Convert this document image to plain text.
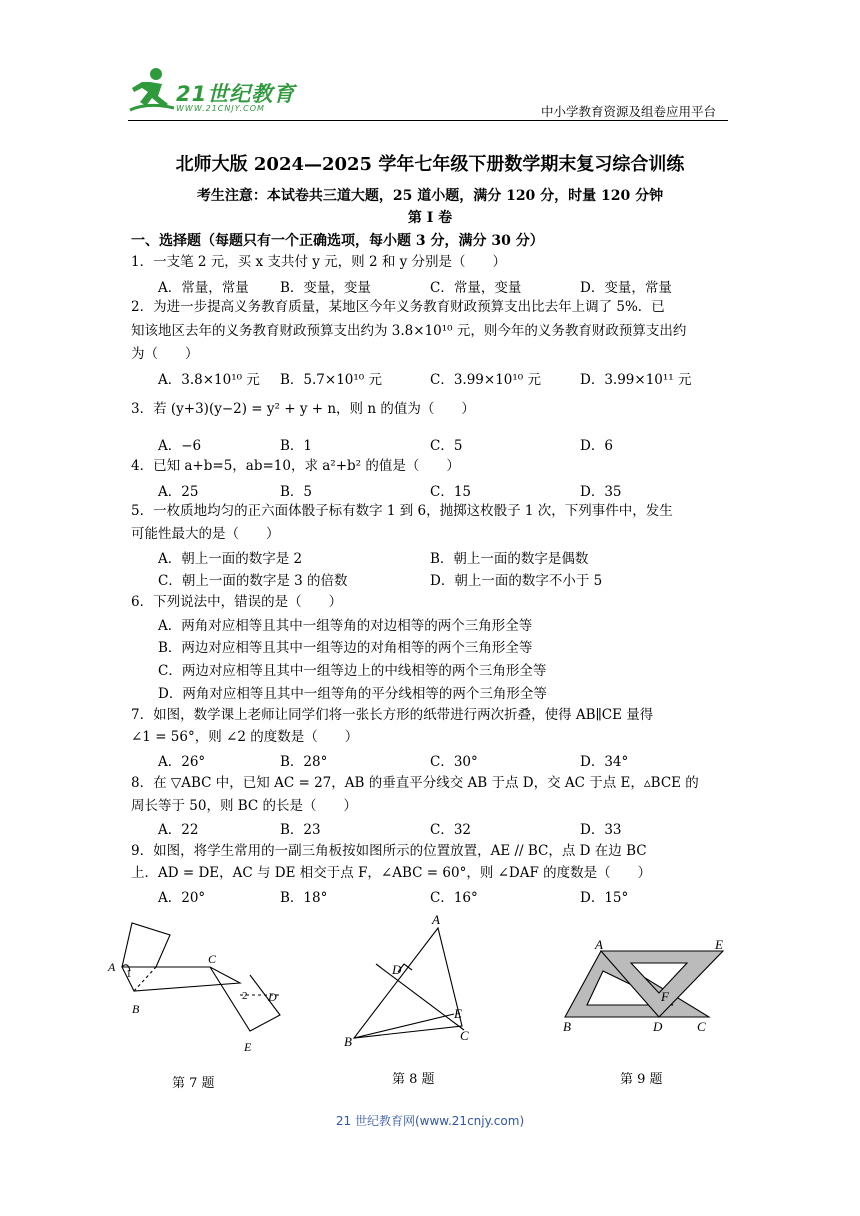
21世纪教育
WWW.21CNJY.COM	中小学教育资源及组卷应用平台
北师大版 2024—2025 学年七年级下册数学期末复习综合训练
考生注意：本试卷共三道大题，25 道小题，满分 120 分，时量 120 分钟
第 I 卷
一、选择题（每题只有一个正确选项，每小题 3 分，满分 30 分）
1．一支笔 2 元，买 x 支共付 y 元，则 2 和 y 分别是（　　）
A．常量，常量 B．变量，变量	C．常量，变量	D．变量，常量
2．为进一步提高义务教育质量，某地区今年义务教育财政预算支出比去年上调了 5%．已
知该地区去年的义务教育财政预算支出约为 3.8×10¹⁰ 元，则今年的义务教育财政预算支出约
为（　　）
A．3.8×10¹⁰ 元 B．5.7×10¹⁰ 元	C．3.99×10¹⁰ 元	D．3.99×10¹¹ 元
3．若 (y+3)(y−2) = y² + y + n，则 n 的值为（　　）
A．−6	B．1	C．5	D．6
4．已知 a+b=5，ab=10，求 a²+b² 的值是（　　）
A．25	B．5	C．15	D．35
5．一枚质地均匀的正六面体骰子标有数字 1 到 6，抛掷这枚骰子 1 次，下列事件中，发生
可能性最大的是（　　）
A．朝上一面的数字是 2	B．朝上一面的数字是偶数
C．朝上一面的数字是 3 的倍数	D．朝上一面的数字不小于 5
6．下列说法中，错误的是（　　）
A．两角对应相等且其中一组等角的对边相等的两个三角形全等
B．两边对应相等且其中一组等边的对角相等的两个三角形全等
C．两边对应相等且其中一组等边上的中线相等的两个三角形全等
D．两角对应相等且其中一组等角的平分线相等的两个三角形全等
7．如图，数学课上老师让同学们将一张长方形的纸带进行两次折叠，使得 AB∥CE 量得
∠1 = 56°，则 ∠2 的度数是（　　）
A．26°	B．28°	C．30°	D．34°
8．在 ▽ABC 中，已知 AC = 27，AB 的垂直平分线交 AB 于点 D，交 AC 于点 E，▵BCE 的
周长等于 50，则 BC 的长是（　　）
A．22	B．23	C．32	D．33
9．如图，将学生常用的一副三角板按如图所示的位置放置，AE // BC，点 D 在边 BC
上．AD = DE，AC 与 DE 相交于点 F，∠ABC = 60°，则 ∠DAF 的度数是（　　）
A．20°	B．18°	C．16°	D．15°
A 1
C
2 D
B
E
第 7 题
A
D
E
B	C
第 8 题
A	E
F
B	D	C
第 9 题
21 世纪教育网(www.21cnjy.com)
